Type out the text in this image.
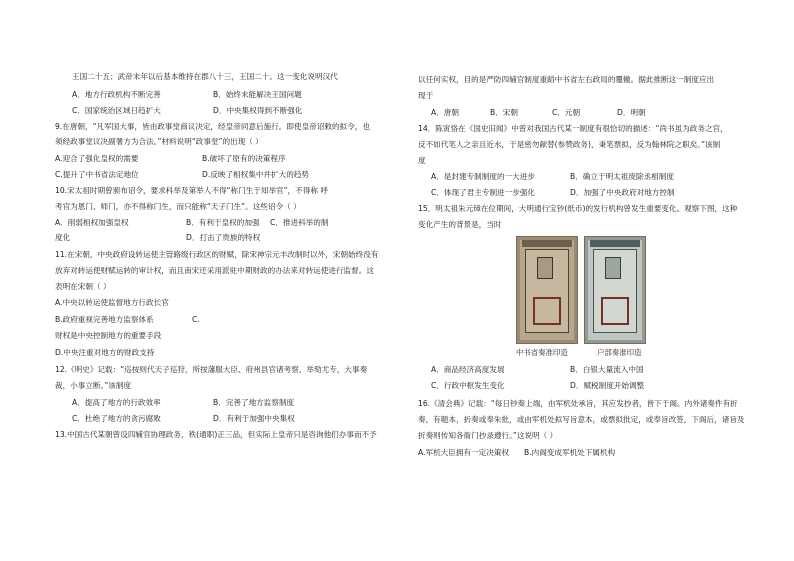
王国二十五；武帝末年以后基本维持在郡八十三，王国二十。这一变化说明汉代
A．地方行政机构不断完善	B．始终未能解决王国问题
C．国家统治区域日趋扩大	D．中央集权得到不断强化
9.在唐朝，“凡军国大事，皆由政事堂商议决定，经皇帝同意后施行。即使皇帝诏敕的拟令，也
须经政事堂议决副署方为合法。”材料说明“政事堂”的出现（ ）
A.迎合了强化皇权的需要	B.破坏了原有的决策程序
C.提升了中书省法定地位	D.反映了相权集中并扩大的趋势
10.宋太祖时期曾颁布诏令，要求科举及第举人不得“称门生于知举官”，不得称 呼
考官为恩门、师门，亦不得称门生，而只能称“天子门生”。这些诏令（ ）
A．削弱相权加强皇权	B．有利于皇权的加强 C．推进科举的制
度化	D．打击了贵族的特权
11.在宋朝，中央政府设转运使主管路级行政区的财赋，除宋神宗元丰改制时以外，宋朝始终没有
放弃对转运使财赋运转的审计权，而且南宋还采用派驻中期财政的办法来对转运使进行监督。这
表明在宋朝（ ）
A.中央以转运使监督地方行政长官
B.政府重视完善地方监察体系	C.
财权是中央控制地方的重要手段
D.中央注重对地方的财政支持
12.《明史》记载：“巡按则代天子巡狩，所按藩服大臣、府州县官诸考察，举劾尤专，大事奏
裁，小事立断。”该制度
A．提高了地方的行政效率	B．完善了地方监察制度
C．杜绝了地方的贪污腐败	D．有利于加强中央集权
13.中国古代某朝曾设四辅官协理政务，秩(通职)正三品，但实际上皇帝只是咨询他们办事而不予
以任何实权，目的是严防四辅官制度重蹈中书省左右政局的覆辙。据此推断这一制度应出
现于
A．唐朝	B．宋朝	C．元朝	D．明朝
14．陈寅恪在《国史旧闻》中曾对我国古代某一制度有很恰切的描述：“尚书虽为政务之官，
反不如代笔人之亲且近水，于是密勿献替(参赞政务)，秉笔票拟，反为翰林院之职矣。”该制
度
A．是封建专制制度的一大进步	B．确立于明太祖废除丞相制度
C．体现了君主专制进一步强化	D．加强了中央政府对地方控制
15．明太祖朱元璋在位期间，大明通行宝钞(纸币)的发行机构曾发生重要变化。观察下图，这种
变化产生的背景是，当时
中书省奏准印造	户部奏准印造
A．商品经济高度发展	B．白银大量流入中国
C．行政中枢发生变化	D．赋税制度开始调整
16.《清会典》记载：“每日钞奏上端，由军机处承旨，其应发抄者，皆下于阁。内外诸奏件有折
奏，有题本，折奏或奉朱批，或由军机处拟写旨意本，或票拟批定，或奉旨改签，下阁后，诸旨及
折奏则传知各衙门抄录遵行。”这说明（ ）
A.军机大臣拥有一定决策权 B.内阁变成军机处下属机构
